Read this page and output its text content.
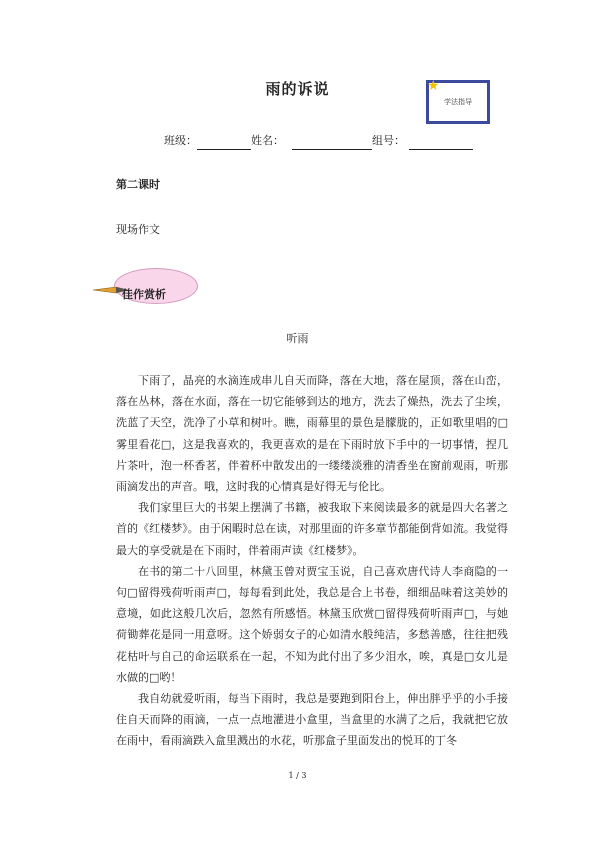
雨的诉说	★
学法指导
班级：	姓名：	组号：
第二课时
现场作文
佳作赏析
听雨

下雨了，晶亮的水滴连成串儿自天而降，落在大地，落在屋顶，落在山峦，落在丛林，落在水面，落在一切它能够到达的地方，洗去了燥热，洗去了尘埃，洗蓝了天空，洗净了小草和树叶。瞧，雨幕里的景色是朦胧的，正如歌里唱的□雾里看花□，这是我喜欢的，我更喜欢的是在下雨时放下手中的一切事情，捏几片茶叶，泡一杯香茗，伴着杯中散发出的一缕缕淡雅的清香坐在窗前观雨，听那雨滴发出的声音。哦，这时我的心情真是好得无与伦比。

我们家里巨大的书架上摆满了书籍，被我取下来阅读最多的就是四大名著之首的《红楼梦》。由于闲暇时总在读，对那里面的许多章节都能倒背如流。我觉得最大的享受就是在下雨时，伴着雨声读《红楼梦》。

在书的第二十八回里，林黛玉曾对贾宝玉说，自己喜欢唐代诗人李商隐的一句□留得残荷听雨声□，每每看到此处，我总是合上书卷，细细品味着这美妙的意境，如此这般几次后，忽然有所感悟。林黛玉欣赏□留得残荷听雨声□，与她荷锄葬花是同一用意呀。这个娇弱女子的心如清水般纯洁，多愁善感，往往把残花枯叶与自己的命运联系在一起，不知为此付出了多少泪水，唉，真是□女儿是水做的□哟！

我自幼就爱听雨，每当下雨时，我总是要跑到阳台上，伸出胖乎乎的小手接住自天而降的雨滴，一点一点地灌进小盒里，当盒里的水满了之后，我就把它放在雨中，看雨滴跌入盒里溅出的水花，听那盒子里面发出的悦耳的丁冬

1 / 3
